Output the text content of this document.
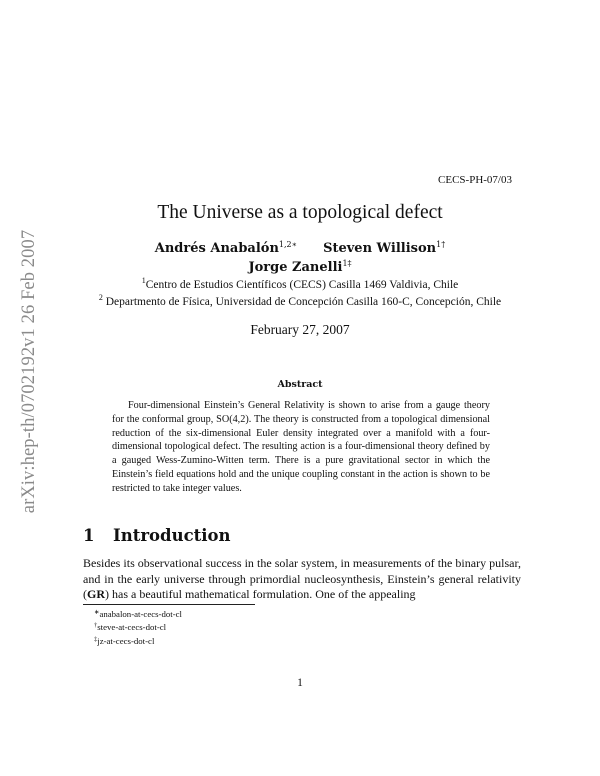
arXiv:hep-th/0702192v1 26 Feb 2007
CECS-PH-07/03
The Universe as a topological defect
Andrés Anabalón$^{1,2∗}$ Steven Willison$^{1\dagger}$
Jorge Zanelli$^{1\ddagger}$
$^1$Centro de Estudios Científicos (CECS) Casilla 1469 Valdivia, Chile
$^2$ Departmento de Física, Universidad de Concepción Casilla 160-C, Concepción, Chile
February 27, 2007
Abstract
Four-dimensional Einstein’s General Relativity is shown to arise from a gauge theory for the conformal group, SO(4,2). The theory is constructed from a topological dimensional reduction of the six-dimensional Euler density integrated over a manifold with a four-dimensional topological defect. The resulting action is a four-dimensional theory defined by a gauged Wess-Zumino-Witten term. There is a pure gravitational sector in which the Einstein’s field equations hold and the unique coupling constant in the action is shown to be restricted to take integer values.
1 Introduction
Besides its observational success in the solar system, in measurements of the binary pulsar, and in the early universe through primordial nucleosynthesis, Einstein’s general relativity (GR) has a beautiful mathematical formulation. One of the appealing
∗anabalon-at-cecs-dot-cl
†steve-at-cecs-dot-cl
‡jz-at-cecs-dot-cl
1
